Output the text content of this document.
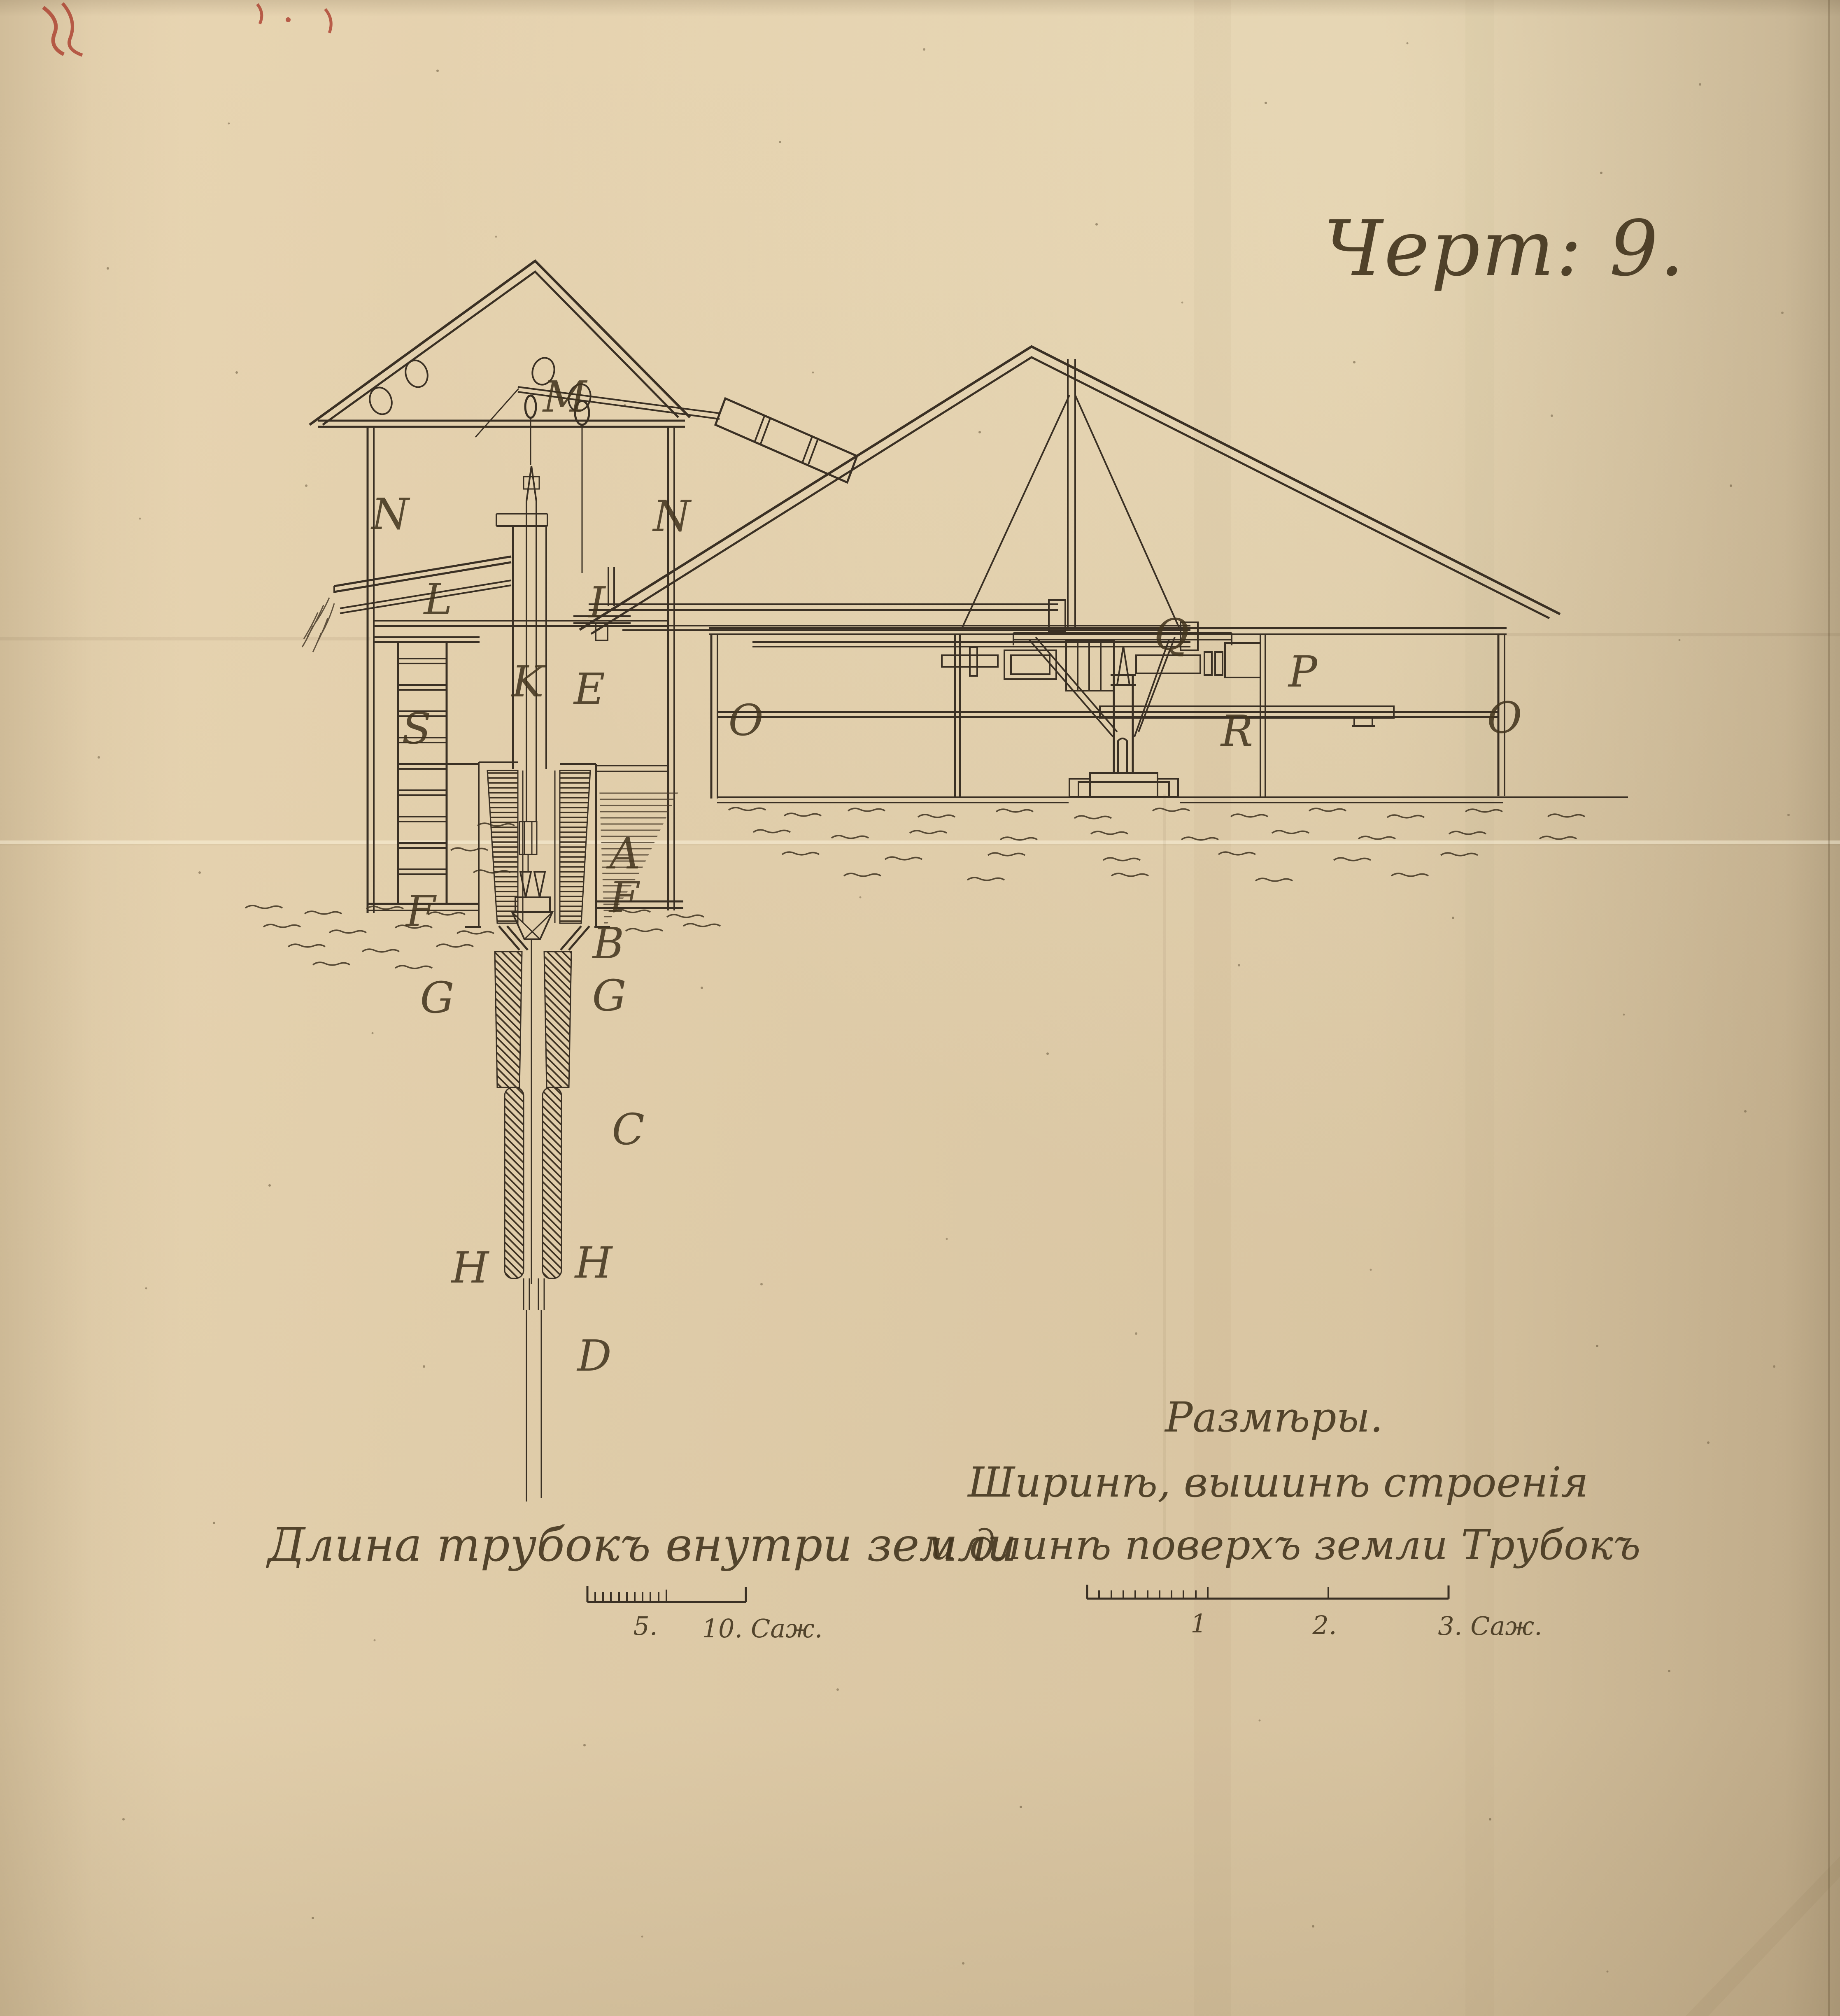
Черт: 9.
N
M
N
L	I
K E
S	O
Q
P
R	O
A
F	F
B
G	G
C
H H
D
Длина трубокъ внутри земли
Размѣры.
Ширинѣ, вышинѣ строенія
и длинѣ поверхъ земли Трубокъ
5. 10. Саж.	1	2.	3. Саж.
